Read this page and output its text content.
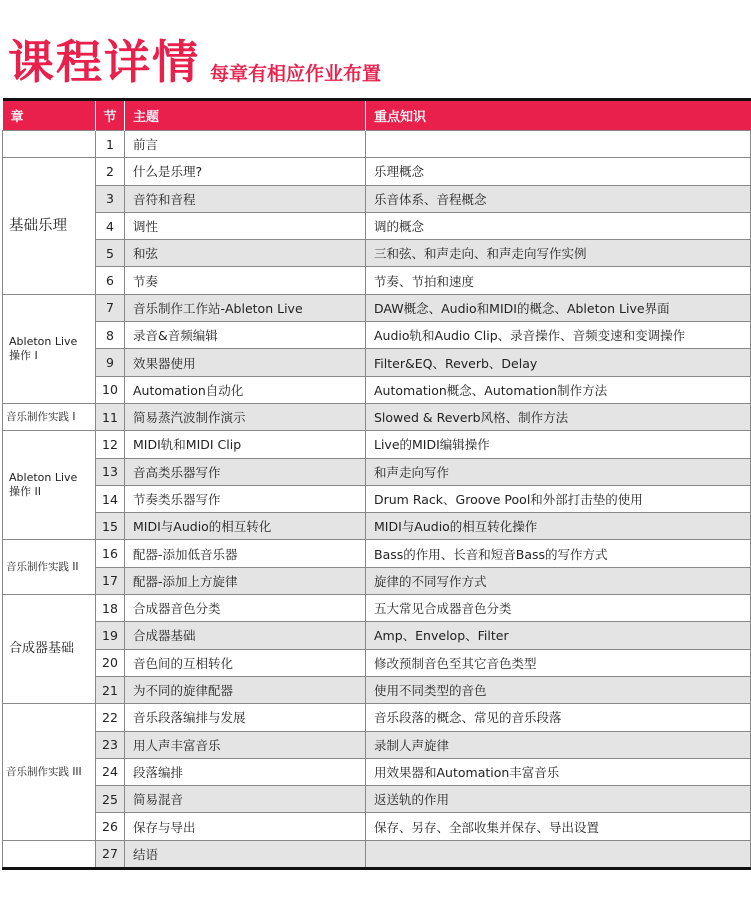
课程详情 每章有相应作业布置
章	节	主题	重点知识
	1	前言	
基础乐理	2	什么是乐理?	乐理概念
	3	音符和音程	乐音体系、音程概念
	4	调性	调的概念
	5	和弦	三和弦、和声走向、和声走向写作实例
	6	节奏	节奏、节拍和速度
Ableton Live 操作 I	7	音乐制作工作站-Ableton Live	DAW概念、Audio和MIDI的概念、Ableton Live界面
	8	录音&音频编辑	Audio轨和Audio Clip、录音操作、音频变速和变调操作
	9	效果器使用	Filter&EQ、Reverb、Delay
	10	Automation自动化	Automation概念、Automation制作方法
音乐制作实践 I	11	简易蒸汽波制作演示	Slowed & Reverb风格、制作方法
Ableton Live 操作 II	12	MIDI轨和MIDI Clip	Live的MIDI编辑操作
	13	音高类乐器写作	和声走向写作
	14	节奏类乐器写作	Drum Rack、Groove Pool和外部打击垫的使用
	15	MIDI与Audio的相互转化	MIDI与Audio的相互转化操作
音乐制作实践 II	16	配器-添加低音乐器	Bass的作用、长音和短音Bass的写作方式
	17	配器-添加上方旋律	旋律的不同写作方式
合成器基础	18	合成器音色分类	五大常见合成器音色分类
	19	合成器基础	Amp、Envelop、Filter
	20	音色间的互相转化	修改预制音色至其它音色类型
	21	为不同的旋律配器	使用不同类型的音色
音乐制作实践 III	22	音乐段落编排与发展	音乐段落的概念、常见的音乐段落
	23	用人声丰富音乐	录制人声旋律
	24	段落编排	用效果器和Automation丰富音乐
	25	简易混音	返送轨的作用
	26	保存与导出	保存、另存、全部收集并保存、导出设置
	27	结语	
